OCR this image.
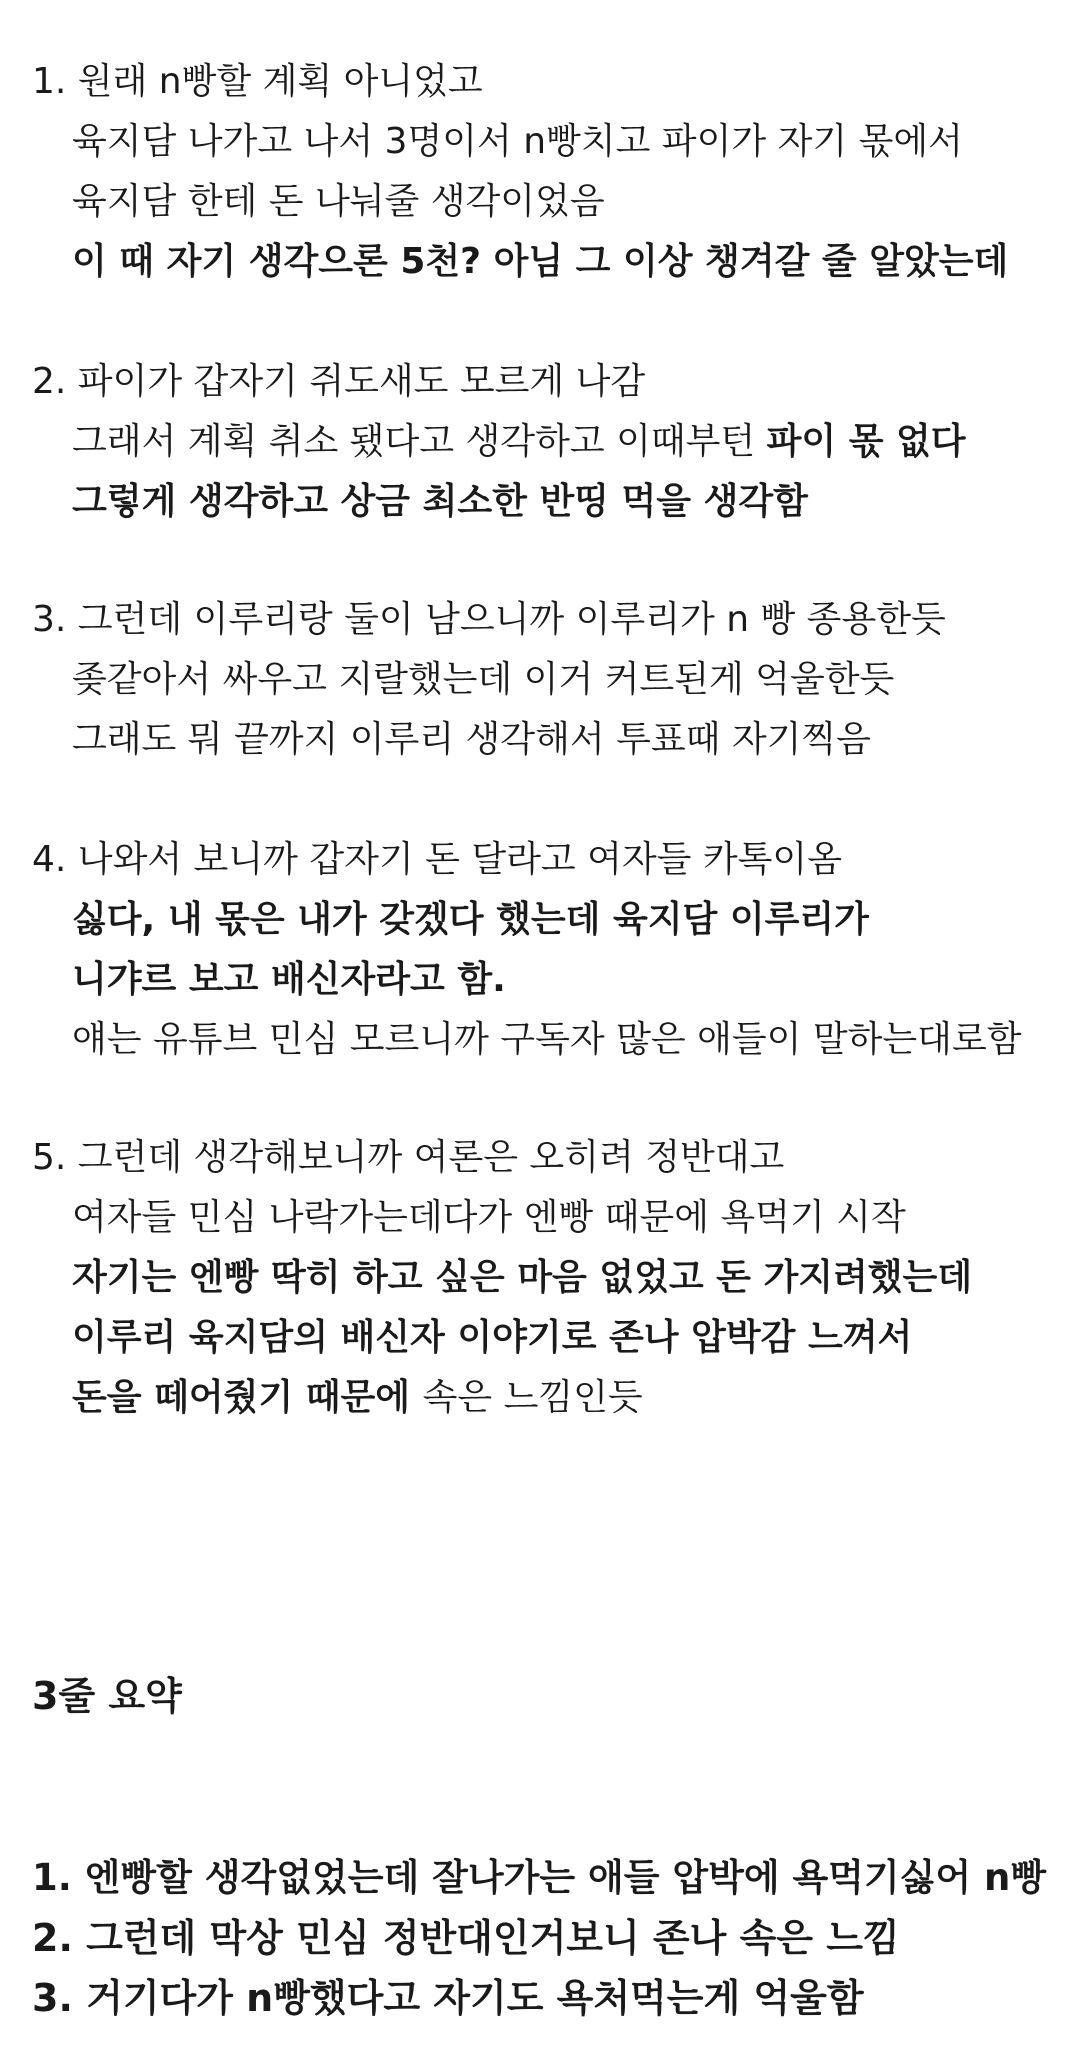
1. 원래 n빵할 계획 아니었고
육지담 나가고 나서 3명이서 n빵치고 파이가 자기 몫에서
육지담 한테 돈 나눠줄 생각이었음
이 때 자기 생각으론 5천? 아님 그 이상 챙겨갈 줄 알았는데
2. 파이가 갑자기 쥐도새도 모르게 나감
그래서 계획 취소 됐다고 생각하고 이때부턴 파이 몫 없다
그렇게 생각하고 상금 최소한 반띵 먹을 생각함
3. 그런데 이루리랑 둘이 남으니까 이루리가 n 빵 종용한듯
좆같아서 싸우고 지랄했는데 이거 커트된게 억울한듯
그래도 뭐 끝까지 이루리 생각해서 투표때 자기찍음
4. 나와서 보니까 갑자기 돈 달라고 여자들 카톡이옴
싫다, 내 몫은 내가 갖겠다 했는데 육지담 이루리가
니갸르 보고 배신자라고 함.
얘는 유튜브 민심 모르니까 구독자 많은 애들이 말하는대로함
5. 그런데 생각해보니까 여론은 오히려 정반대고
여자들 민심 나락가는데다가 엔빵 때문에 욕먹기 시작
자기는 엔빵 딱히 하고 싶은 마음 없었고 돈 가지려했는데
이루리 육지담의 배신자 이야기로 존나 압박감 느껴서
돈을 떼어줬기 때문에 속은 느낌인듯
3줄 요약
1. 엔빵할 생각없었는데 잘나가는 애들 압박에 욕먹기싫어 n빵
2. 그런데 막상 민심 정반대인거보니 존나 속은 느낌
3. 거기다가 n빵했다고 자기도 욕처먹는게 억울함
